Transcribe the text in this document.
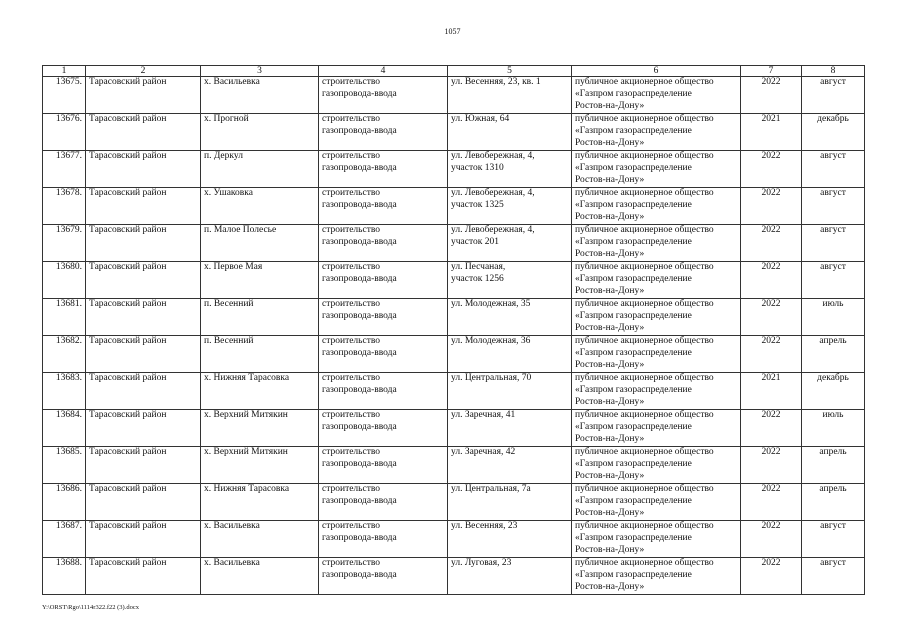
1057
1	2	3	4	5	6	7	8
13675.	Тарасовский район	х. Васильевка	строительство
газопровода-ввода	ул. Весенняя, 23, кв. 1	публичное акционерное общество
«Газпром газораспределение
Ростов-на-Дону»	2022	август
13676.	Тарасовский район	х. Прогной	строительство
газопровода-ввода	ул. Южная, 64	публичное акционерное общество
«Газпром газораспределение
Ростов-на-Дону»	2021	декабрь
13677.	Тарасовский район	п. Деркул	строительство
газопровода-ввода	ул. Левобережная, 4,
участок 1310	публичное акционерное общество
«Газпром газораспределение
Ростов-на-Дону»	2022	август
13678.	Тарасовский район	х. Ушаковка	строительство
газопровода-ввода	ул. Левобережная, 4,
участок 1325	публичное акционерное общество
«Газпром газораспределение
Ростов-на-Дону»	2022	август
13679.	Тарасовский район	п. Малое Полесье	строительство
газопровода-ввода	ул. Левобережная, 4,
участок 201	публичное акционерное общество
«Газпром газораспределение
Ростов-на-Дону»	2022	август
13680.	Тарасовский район	х. Первое Мая	строительство
газопровода-ввода	ул. Песчаная,
участок 1256	публичное акционерное общество
«Газпром газораспределение
Ростов-на-Дону»	2022	август
13681.	Тарасовский район	п. Весенний	строительство
газопровода-ввода	ул. Молодежная, 35	публичное акционерное общество
«Газпром газораспределение
Ростов-на-Дону»	2022	июль
13682.	Тарасовский район	п. Весенний	строительство
газопровода-ввода	ул. Молодежная, 36	публичное акционерное общество
«Газпром газораспределение
Ростов-на-Дону»	2022	апрель
13683.	Тарасовский район	х. Нижняя Тарасовка	строительство
газопровода-ввода	ул. Центральная, 70	публичное акционерное общество
«Газпром газораспределение
Ростов-на-Дону»	2021	декабрь
13684.	Тарасовский район	х. Верхний Митякин	строительство
газопровода-ввода	ул. Заречная, 41	публичное акционерное общество
«Газпром газораспределение
Ростов-на-Дону»	2022	июль
13685.	Тарасовский район	х. Верхний Митякин	строительство
газопровода-ввода	ул. Заречная, 42	публичное акционерное общество
«Газпром газораспределение
Ростов-на-Дону»	2022	апрель
13686.	Тарасовский район	х. Нижняя Тарасовка	строительство
газопровода-ввода	ул. Центральная, 7а	публичное акционерное общество
«Газпром газораспределение
Ростов-на-Дону»	2022	апрель
13687.	Тарасовский район	х. Васильевка	строительство
газопровода-ввода	ул. Весенняя, 23	публичное акционерное общество
«Газпром газораспределение
Ростов-на-Дону»	2022	август
13688.	Тарасовский район	х. Васильевка	строительство
газопровода-ввода	ул. Луговая, 23	публичное акционерное общество
«Газпром газораспределение
Ростов-на-Дону»	2022	август
Y:\ORST\Rgo\1114r322.f22 (3).docx
